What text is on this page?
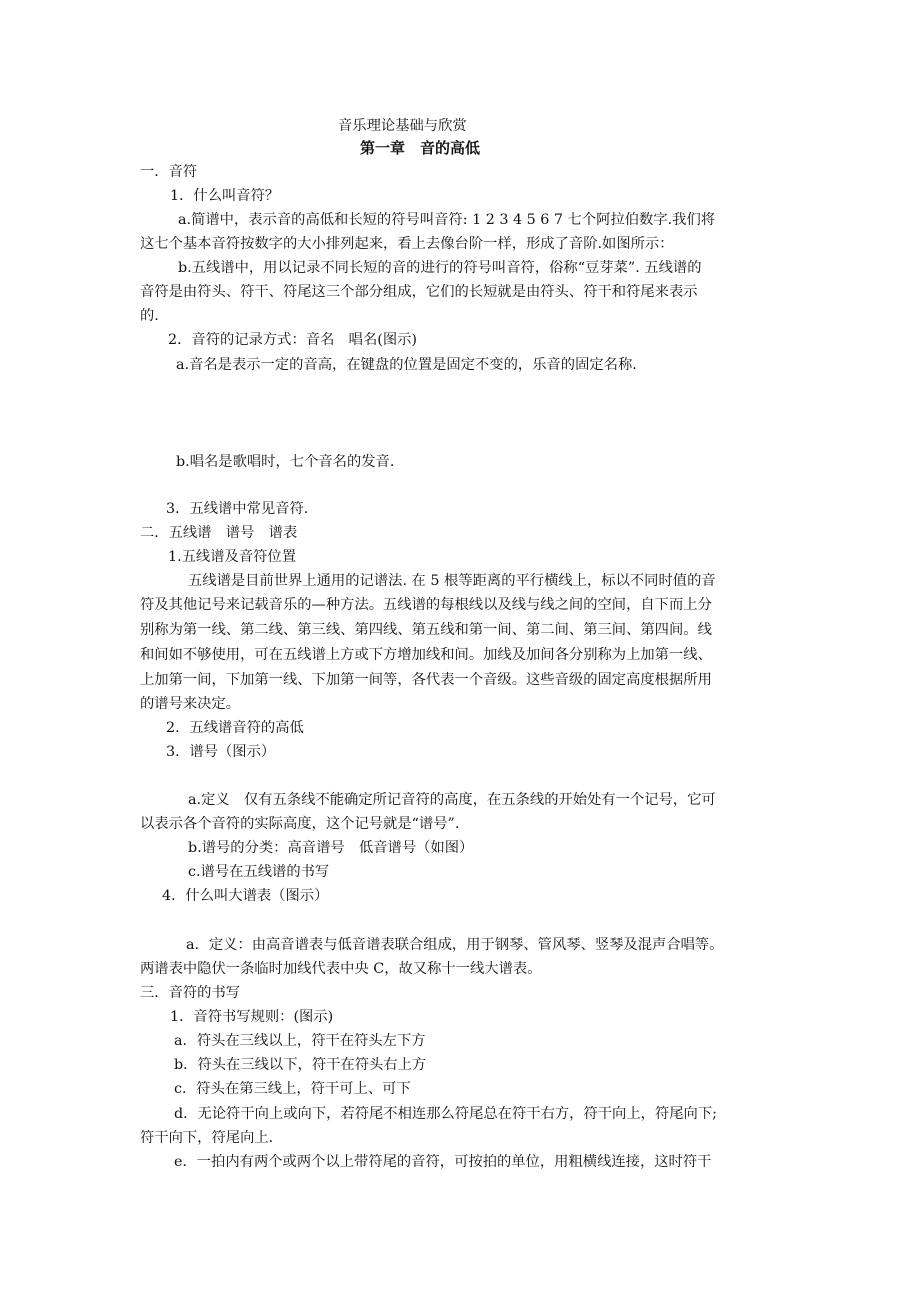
音乐理论基础与欣赏

第一章　音的高低

一．音符

1．什么叫音符？

a.简谱中，表示音的高低和长短的符号叫音符: 1 2 3 4 5 6 7 七个阿拉伯数字.我们将

这七个基本音符按数字的大小排列起来，看上去像台阶一样，形成了音阶.如图所示：

b.五线谱中，用以记录不同长短的音的进行的符号叫音符，俗称“豆芽菜”. 五线谱的

音符是由符头、符干、符尾这三个部分组成，它们的长短就是由符头、符干和符尾来表示

的.

2．音符的记录方式：音名　唱名(图示)

a.音名是表示一定的音高，在键盘的位置是固定不变的，乐音的固定名称.

b.唱名是歌唱时，七个音名的发音.

3．五线谱中常见音符.

二．五线谱　谱号　谱表

1.五线谱及音符位置

五线谱是目前世界上通用的记谱法. 在 5 根等距离的平行横线上，标以不同时值的音

符及其他记号来记载音乐的—种方法。五线谱的每根线以及线与线之间的空间，自下而上分

别称为第一线、第二线、第三线、第四线、第五线和第一间、第二间、第三间、第四间。线

和间如不够使用，可在五线谱上方或下方增加线和间。加线及加间各分别称为上加第一线、

上加第一间，下加第一线、下加第一间等，各代表一个音级。这些音级的固定高度根据所用

的谱号来决定。

2．五线谱音符的高低

3．谱号（图示）

a.定义　仅有五条线不能确定所记音符的高度，在五条线的开始处有一个记号，它可

以表示各个音符的实际高度，这个记号就是“谱号”.

b.谱号的分类：高音谱号　低音谱号（如图）

c.谱号在五线谱的书写

4．什么叫大谱表（图示）

a．定义：由高音谱表与低音谱表联合组成，用于钢琴、管风琴、竖琴及混声合唱等。

两谱表中隐伏一条临时加线代表中央 C，故又称十一线大谱表。

三．音符的书写

1．音符书写规则：(图示)

a．符头在三线以上，符干在符头左下方

b．符头在三线以下，符干在符头右上方

c．符头在第三线上，符干可上、可下

d．无论符干向上或向下，若符尾不相连那么符尾总在符干右方，符干向上，符尾向下;

符干向下，符尾向上.

e．一拍内有两个或两个以上带符尾的音符，可按拍的单位，用粗横线连接，这时符干
